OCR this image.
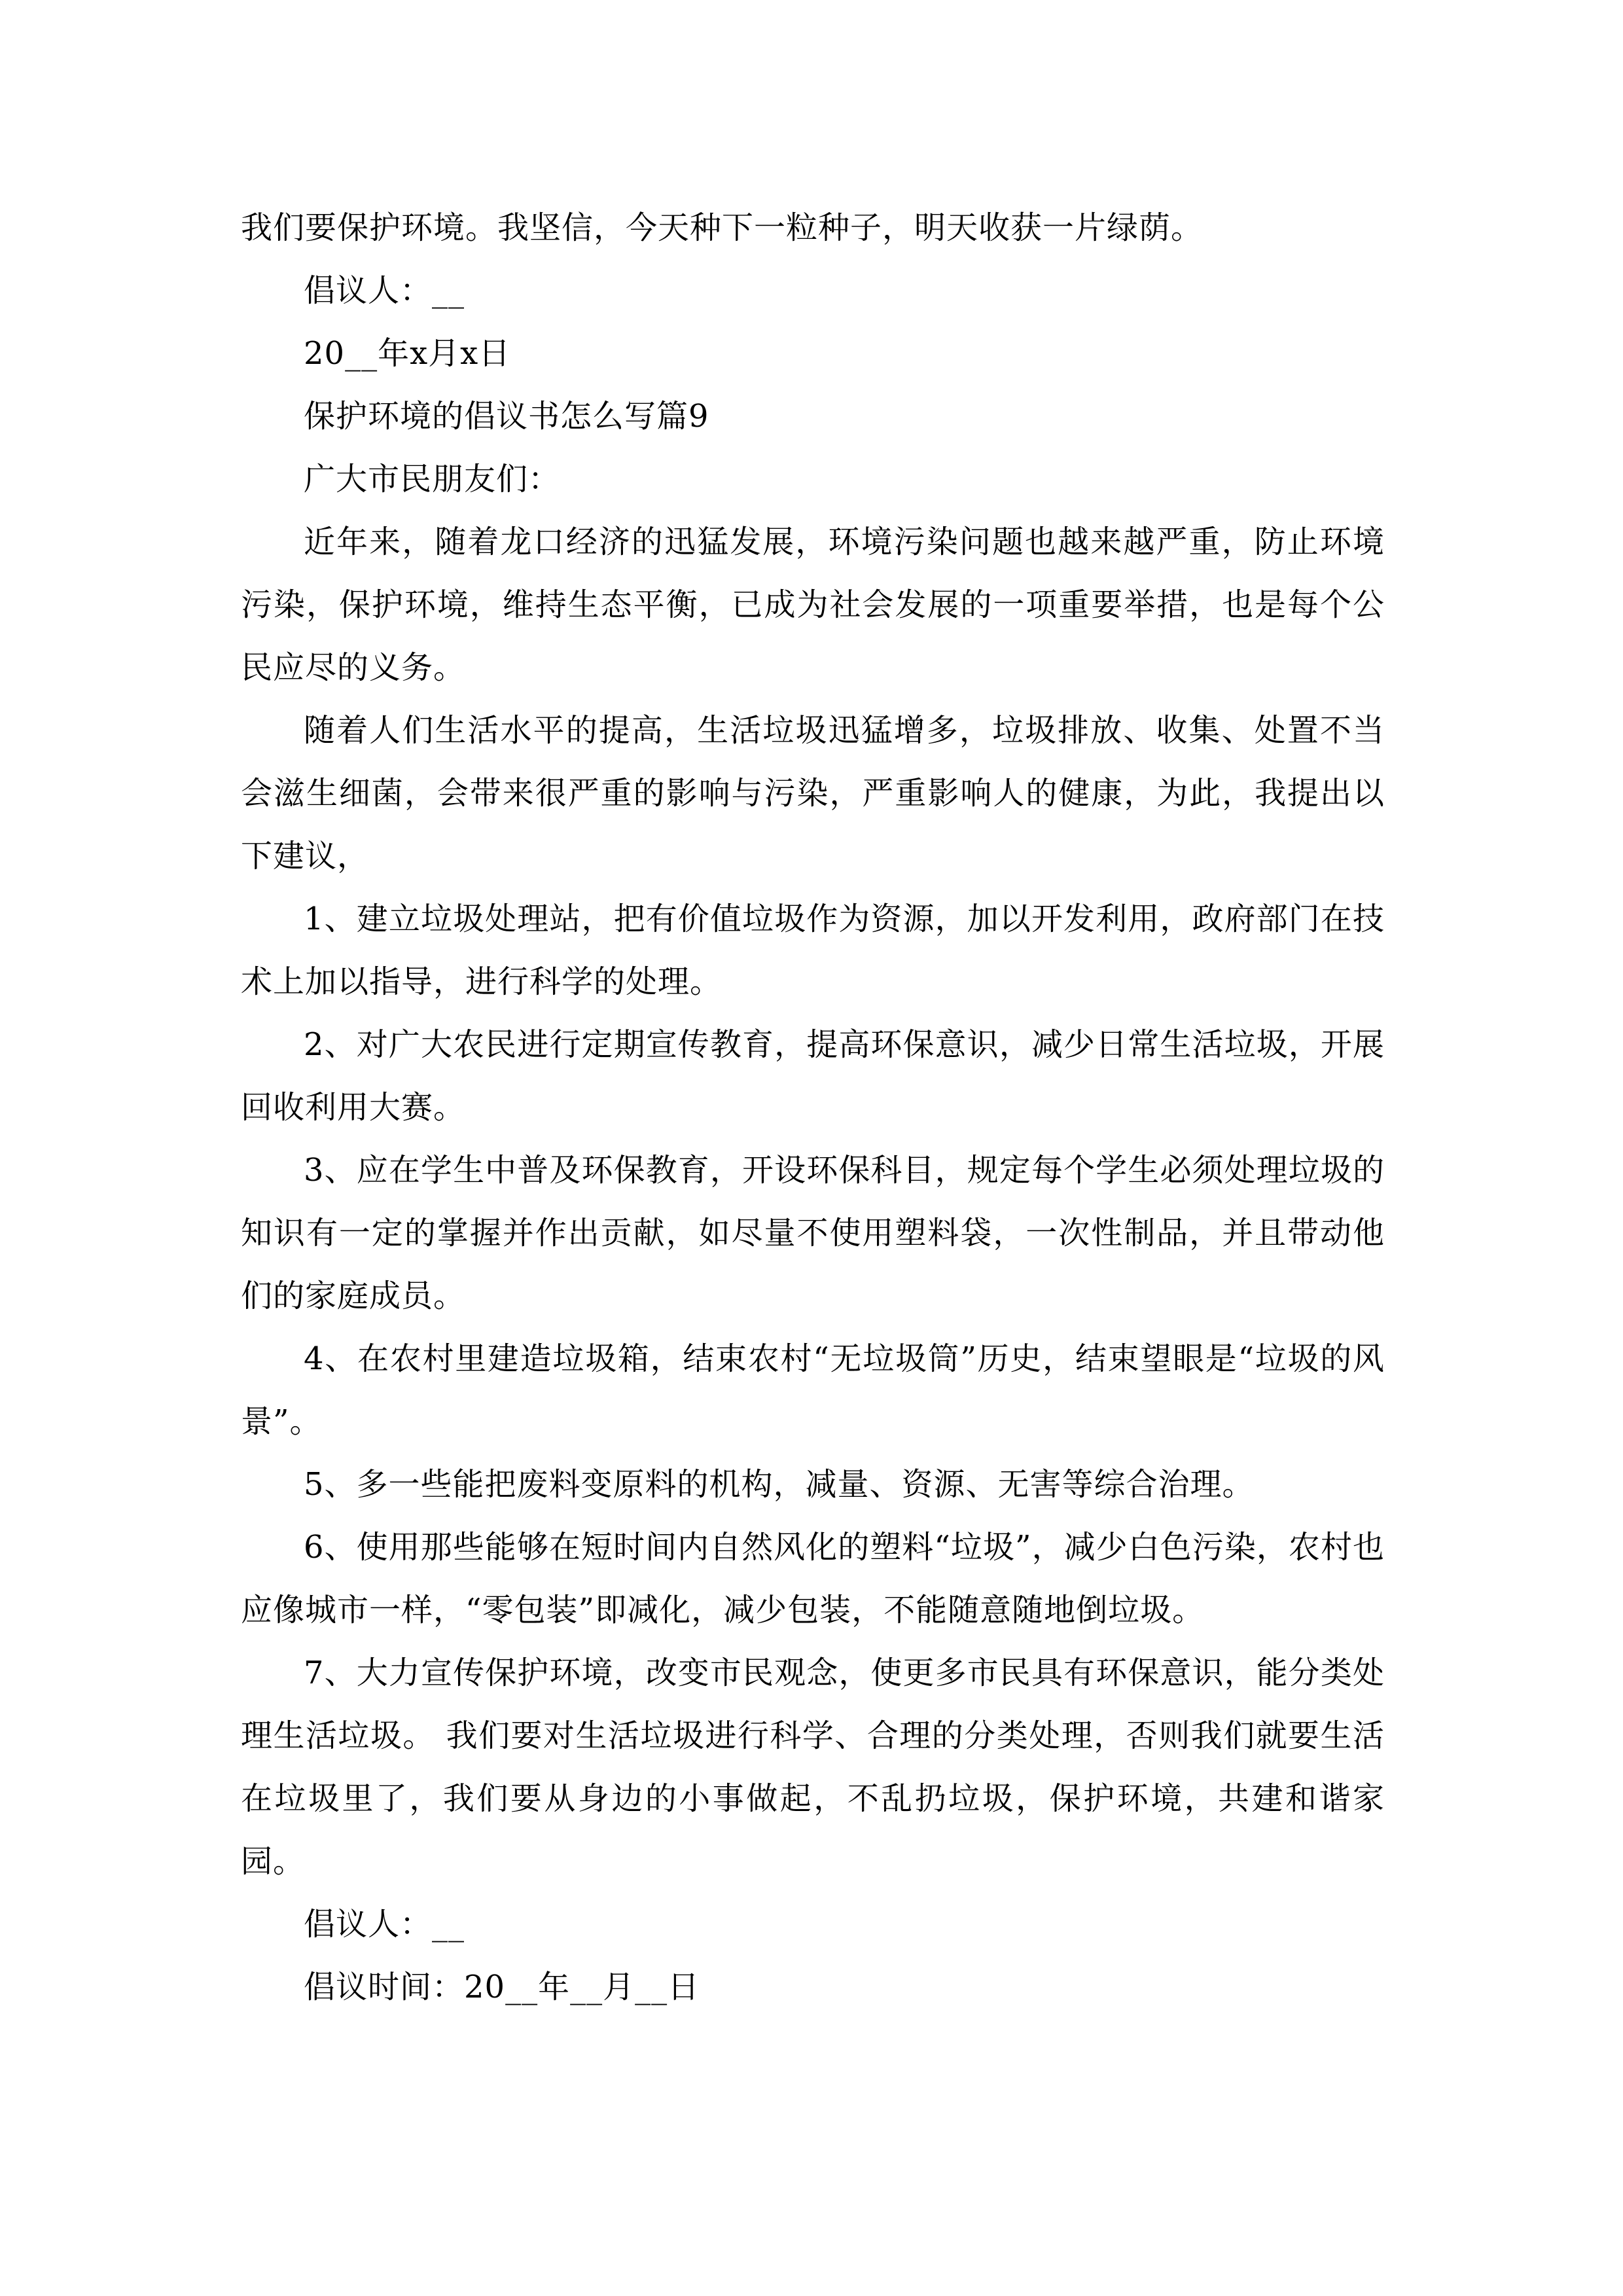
我们要保护环境。我坚信，今天种下一粒种子，明天收获一片绿荫。

倡议人：__

20__年x月x日

保护环境的倡议书怎么写篇9

广大市民朋友们：

近年来，随着龙口经济的迅猛发展，环境污染问题也越来越严重，防止环境污染，保护环境，维持生态平衡，已成为社会发展的一项重要举措，也是每个公民应尽的义务。

随着人们生活水平的提高，生活垃圾迅猛增多，垃圾排放、收集、处置不当会滋生细菌，会带来很严重的影响与污染，严重影响人的健康，为此，我提出以下建议，

1、建立垃圾处理站，把有价值垃圾作为资源，加以开发利用，政府部门在技术上加以指导，进行科学的处理。

2、对广大农民进行定期宣传教育，提高环保意识，减少日常生活垃圾，开展回收利用大赛。

3、应在学生中普及环保教育，开设环保科目，规定每个学生必须处理垃圾的知识有一定的掌握并作出贡献，如尽量不使用塑料袋，一次性制品，并且带动他们的家庭成员。

4、在农村里建造垃圾箱，结束农村“无垃圾筒”历史，结束望眼是“垃圾的风景”。

5、多一些能把废料变原料的机构，减量、资源、无害等综合治理。

6、使用那些能够在短时间内自然风化的塑料“垃圾”，减少白色污染，农村也应像城市一样，“零包装”即减化，减少包装，不能随意随地倒垃圾。

7、大力宣传保护环境，改变市民观念，使更多市民具有环保意识，能分类处理生活垃圾。 我们要对生活垃圾进行科学、合理的分类处理，否则我们就要生活在垃圾里了，我们要从身边的小事做起，不乱扔垃圾，保护环境，共建和谐家园。

倡议人：__

倡议时间：20__年__月__日
